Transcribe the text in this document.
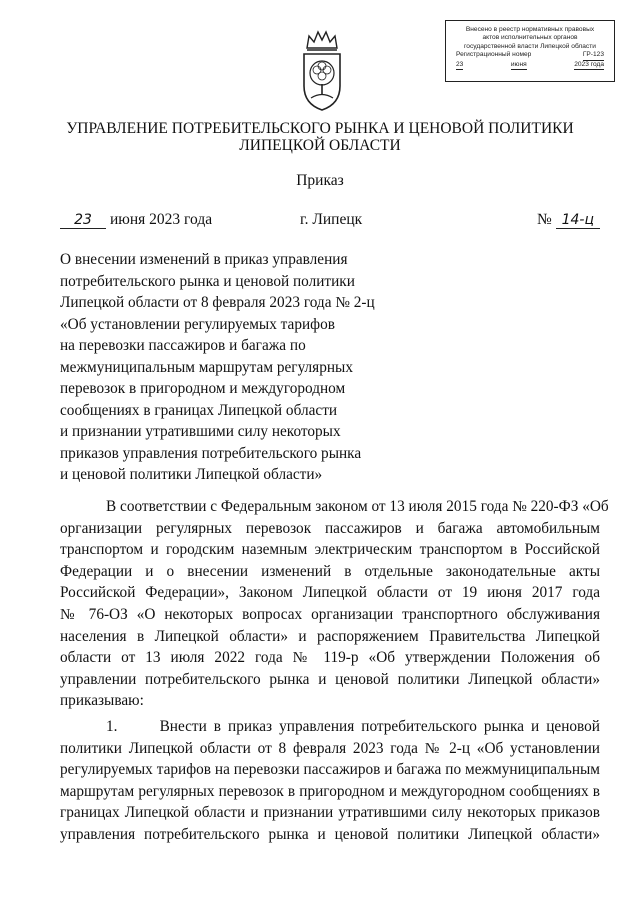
Внесено в реестр нормативных правовых
актов исполнительных органов
государственной власти Липецкой области
Регистрационный номер	ГР-123
23	июня	2023 года
УПРАВЛЕНИЕ ПОТРЕБИТЕЛЬСКОГО РЫНКА И ЦЕНОВОЙ ПОЛИТИКИ
ЛИПЕЦКОЙ ОБЛАСТИ
Приказ
23 июня 2023 года	г. Липецк	№ 14-ц
О внесении изменений в приказ управления
потребительского рынка и ценовой политики
Липецкой области от 8 февраля 2023 года № 2-ц
«Об установлении регулируемых тарифов
на перевозки пассажиров и багажа по
межмуниципальным маршрутам регулярных
перевозок в пригородном и междугородном
сообщениях в границах Липецкой области
и признании утратившими силу некоторых
приказов управления потребительского рынка
и ценовой политики Липецкой области»
В соответствии с Федеральным законом от 13 июля 2015 года № 220-ФЗ «Об
организации регулярных перевозок пассажиров и багажа автомобильным
транспортом и городским наземным электрическим транспортом в Российской
Федерации и о внесении изменений в отдельные законодательные акты
Российской Федерации», Законом Липецкой области от 19 июня 2017 года
№ 76-ОЗ «О некоторых вопросах организации транспортного обслуживания
населения в Липецкой области» и распоряжением Правительства Липецкой
области от 13 июля 2022 года № 119-р «Об утверждении Положения об
управлении потребительского рынка и ценовой политики Липецкой области»
приказываю:
1.      Внести в приказ управления потребительского рынка и ценовой
политики Липецкой области от 8 февраля 2023 года № 2-ц «Об установлении
регулируемых тарифов на перевозки пассажиров и багажа по межмуниципальным
маршрутам регулярных перевозок в пригородном и междугородном сообщениях в
границах Липецкой области и признании утратившими силу некоторых приказов
управления потребительского рынка и ценовой политики Липецкой области»
